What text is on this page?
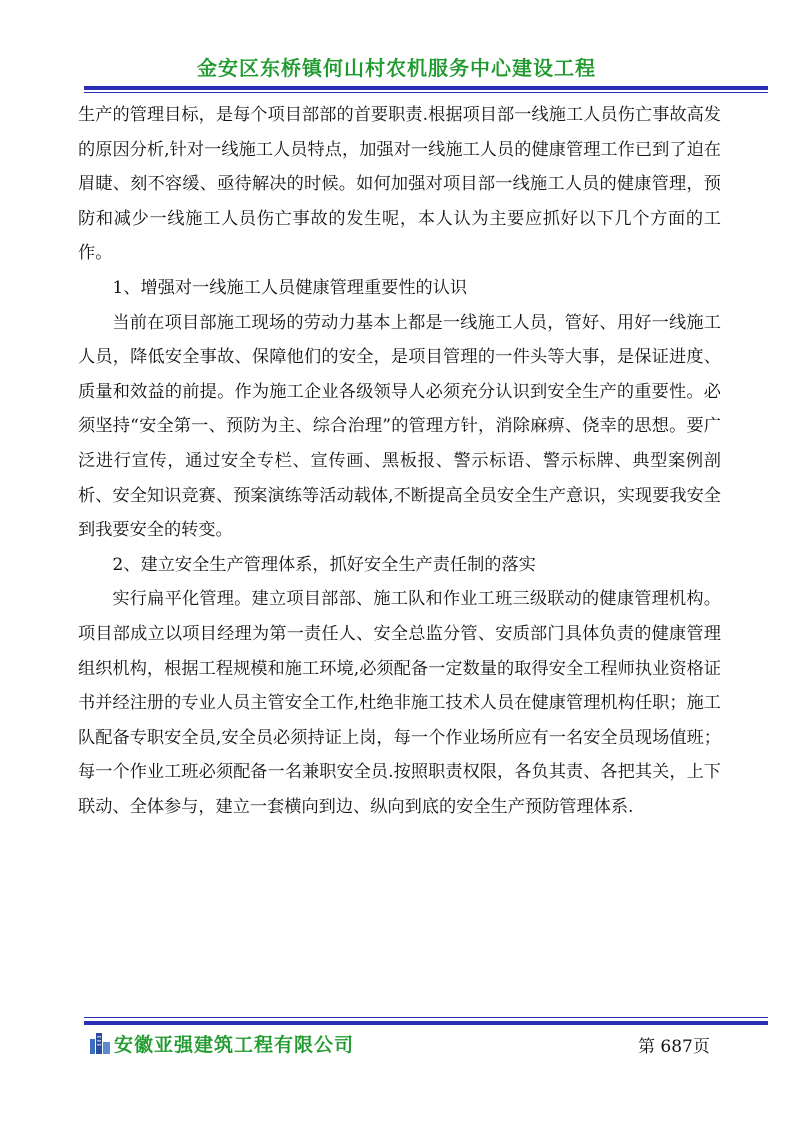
金安区东桥镇何山村农机服务中心建设工程

生产的管理目标，是每个项目部部的首要职责.根据项目部一线施工人员伤亡事故高发的原因分析,针对一线施工人员特点，加强对一线施工人员的健康管理工作已到了迫在眉睫、刻不容缓、亟待解决的时候。如何加强对项目部一线施工人员的健康管理，预防和减少一线施工人员伤亡事故的发生呢，本人认为主要应抓好以下几个方面的工作。

1、增强对一线施工人员健康管理重要性的认识

当前在项目部施工现场的劳动力基本上都是一线施工人员，管好、用好一线施工人员，降低安全事故、保障他们的安全，是项目管理的一件头等大事，是保证进度、质量和效益的前提。作为施工企业各级领导人必须充分认识到安全生产的重要性。必须坚持“安全第一、预防为主、综合治理”的管理方针，消除麻痹、侥幸的思想。要广泛进行宣传，通过安全专栏、宣传画、黑板报、警示标语、警示标牌、典型案例剖析、安全知识竞赛、预案演练等活动载体,不断提高全员安全生产意识，实现要我安全到我要安全的转变。

2、建立安全生产管理体系，抓好安全生产责任制的落实

实行扁平化管理。建立项目部部、施工队和作业工班三级联动的健康管理机构。项目部成立以项目经理为第一责任人、安全总监分管、安质部门具体负责的健康管理组织机构，根据工程规模和施工环境,必须配备一定数量的取得安全工程师执业资格证书并经注册的专业人员主管安全工作,杜绝非施工技术人员在健康管理机构任职；施工队配备专职安全员,安全员必须持证上岗，每一个作业场所应有一名安全员现场值班；每一个作业工班必须配备一名兼职安全员.按照职责权限，各负其责、各把其关，上下联动、全体参与，建立一套横向到边、纵向到底的安全生产预防管理体系.

安徽亚强建筑工程有限公司	第 687页
